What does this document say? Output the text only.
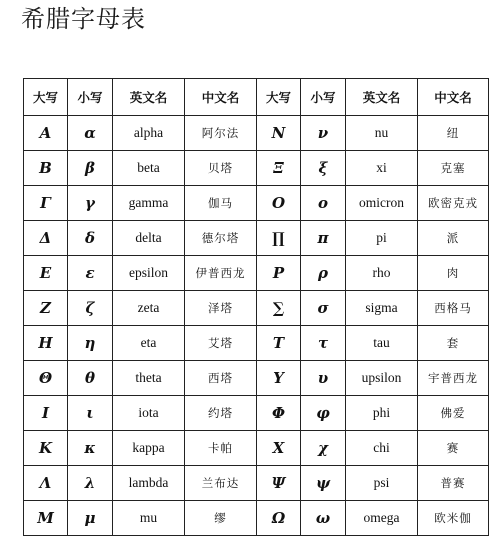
希腊字母表
大写	小写	英文名	中文名	大写	小写	英文名	中文名
A	α	alpha	阿尔法	N	ν	nu	纽
B	β	beta	贝塔	Ξ	ξ	xi	克塞
Γ	γ	gamma	伽马	O	o	omicron	欧密克戎
Δ	δ	delta	德尔塔	∏	π	pi	派
E	ε	epsilon	伊普西龙	P	ρ	rho	肉
Z	ζ	zeta	泽塔	∑	σ	sigma	西格马
H	η	eta	艾塔	T	τ	tau	套
Θ	θ	theta	西塔	Y	υ	upsilon	宇普西龙
I	ι	iota	约塔	Φ	φ	phi	佛爱
K	κ	kappa	卡帕	X	χ	chi	赛
Λ	λ	lambda	兰布达	Ψ	ψ	psi	普赛
M	μ	mu	缪	Ω	ω	omega	欧米伽
